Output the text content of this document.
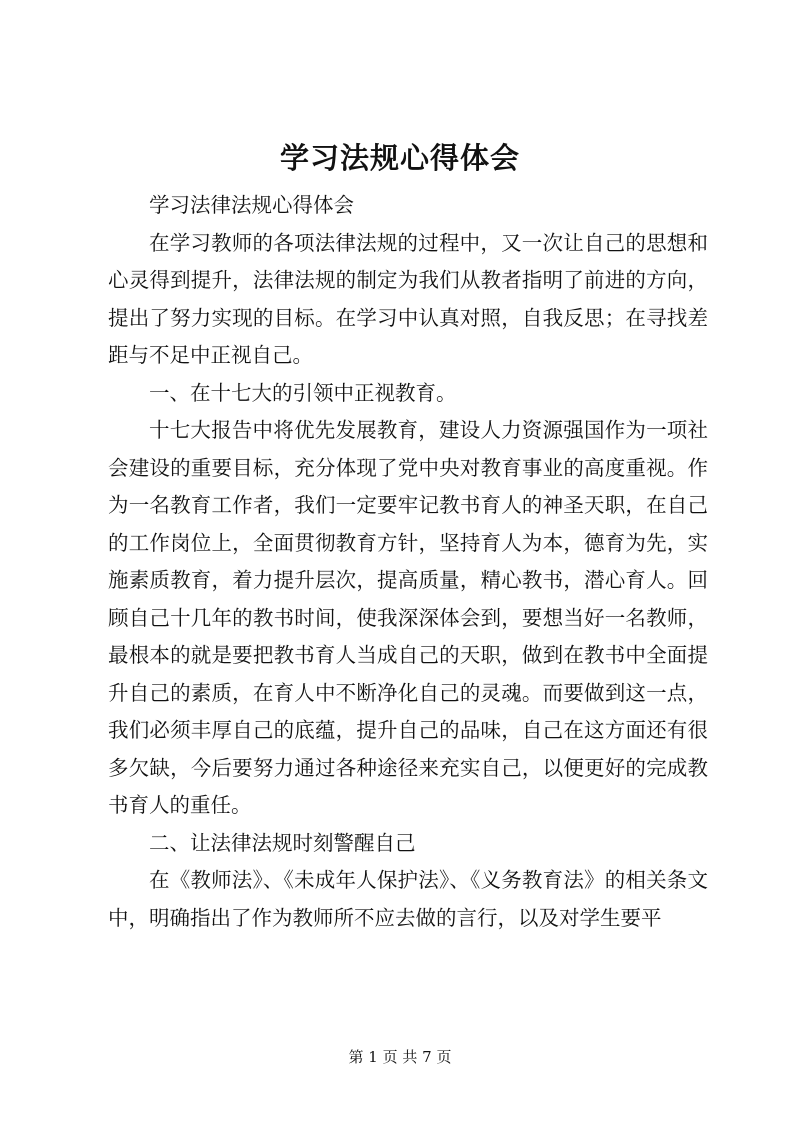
学习法规心得体会

学习法律法规心得体会

在学习教师的各项法律法规的过程中，又一次让自己的思想和心灵得到提升，法律法规的制定为我们从教者指明了前进的方向，提出了努力实现的目标。在学习中认真对照，自我反思；在寻找差距与不足中正视自己。

一、在十七大的引领中正视教育。

十七大报告中将优先发展教育，建设人力资源强国作为一项社会建设的重要目标，充分体现了党中央对教育事业的高度重视。作为一名教育工作者，我们一定要牢记教书育人的神圣天职，在自己的工作岗位上，全面贯彻教育方针，坚持育人为本，德育为先，实施素质教育，着力提升层次，提高质量，精心教书，潜心育人。回顾自己十几年的教书时间，使我深深体会到，要想当好一名教师，最根本的就是要把教书育人当成自己的天职，做到在教书中全面提升自己的素质，在育人中不断净化自己的灵魂。而要做到这一点，我们必须丰厚自己的底蕴，提升自己的品味，自己在这方面还有很多欠缺，今后要努力通过各种途径来充实自己，以便更好的完成教书育人的重任。

二、让法律法规时刻警醒自己

在《教师法》、《未成年人保护法》、《义务教育法》的相关条文中，明确指出了作为教师所不应去做的言行，以及对学生要平

第 1 页 共 7 页
